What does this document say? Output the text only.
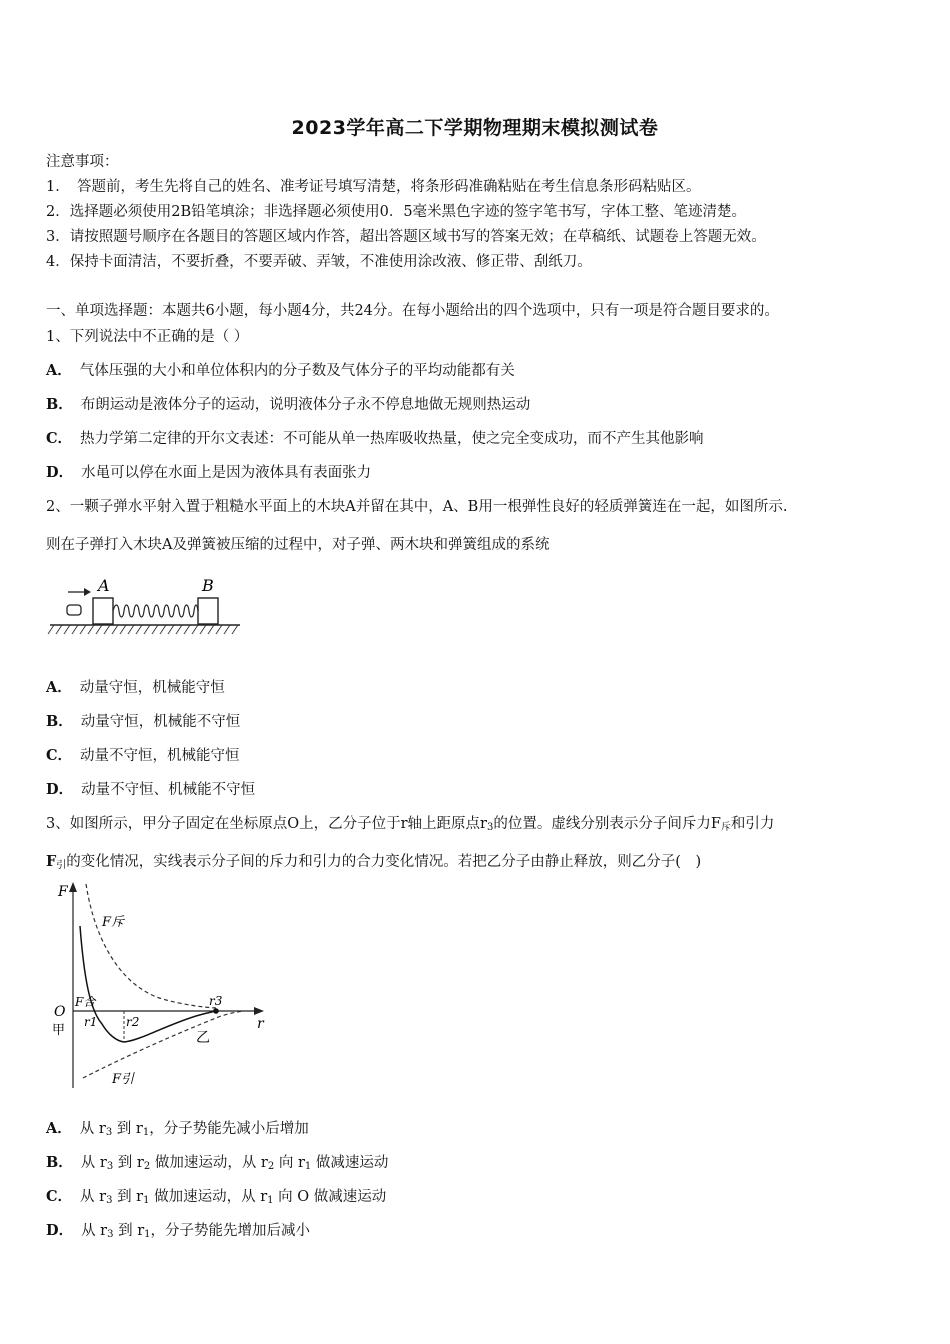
2023学年高二下学期物理期末模拟测试卷
注意事项：
1．　答题前，考生先将自己的姓名、准考证号填写清楚，将条形码准确粘贴在考生信息条形码粘贴区。
2．选择题必须使用2B铅笔填涂；非选择题必须使用0．5毫米黑色字迹的签字笔书写，字体工整、笔迹清楚。
3．请按照题号顺序在各题目的答题区域内作答，超出答题区域书写的答案无效；在草稿纸、试题卷上答题无效。
4．保持卡面清洁，不要折叠，不要弄破、弄皱，不准使用涂改液、修正带、刮纸刀。
一、单项选择题：本题共6小题，每小题4分，共24分。在每小题给出的四个选项中，只有一项是符合题目要求的。
1、下列说法中不正确的是（ ）
A． 气体压强的大小和单位体积内的分子数及气体分子的平均动能都有关
B． 布朗运动是液体分子的运动，说明液体分子永不停息地做无规则热运动
C． 热力学第二定律的开尔文表述：不可能从单一热库吸收热量，使之完全变成功，而不产生其他影响
D． 水黾可以停在水面上是因为液体具有表面张力
2、一颗子弹水平射入置于粗糙水平面上的木块A并留在其中，A、B用一根弹性良好的轻质弹簧连在一起，如图所示.
则在子弹打入木块A及弹簧被压缩的过程中，对子弹、两木块和弹簧组成的系统
A	B
A． 动量守恒，机械能守恒
B． 动量守恒，机械能不守恒
C． 动量不守恒，机械能守恒
D． 动量不守恒、机械能不守恒
3、如图所示，甲分子固定在坐标原点O上，乙分子位于r轴上距原点$r_3$的位置。虚线分别表示分子间斥力$F_斥$和引力
$F_引$的变化情况，实线表示分子间的斥力和引力的合力变化情况。若把乙分子由静止释放，则乙分子(　)
F
r
O
甲	乙
F斥
F引
F合
r1 r2
r3
A． 从 $r_3$ 到 $r_1$，分子势能先减小后增加
B． 从 $r_3$ 到 $r_2$ 做加速运动，从 $r_2$ 向 $r_1$ 做减速运动
C． 从 $r_3$ 到 $r_1$ 做加速运动，从 $r_1$ 向 O 做减速运动
D． 从 $r_3$ 到 $r_1$，分子势能先增加后减小
